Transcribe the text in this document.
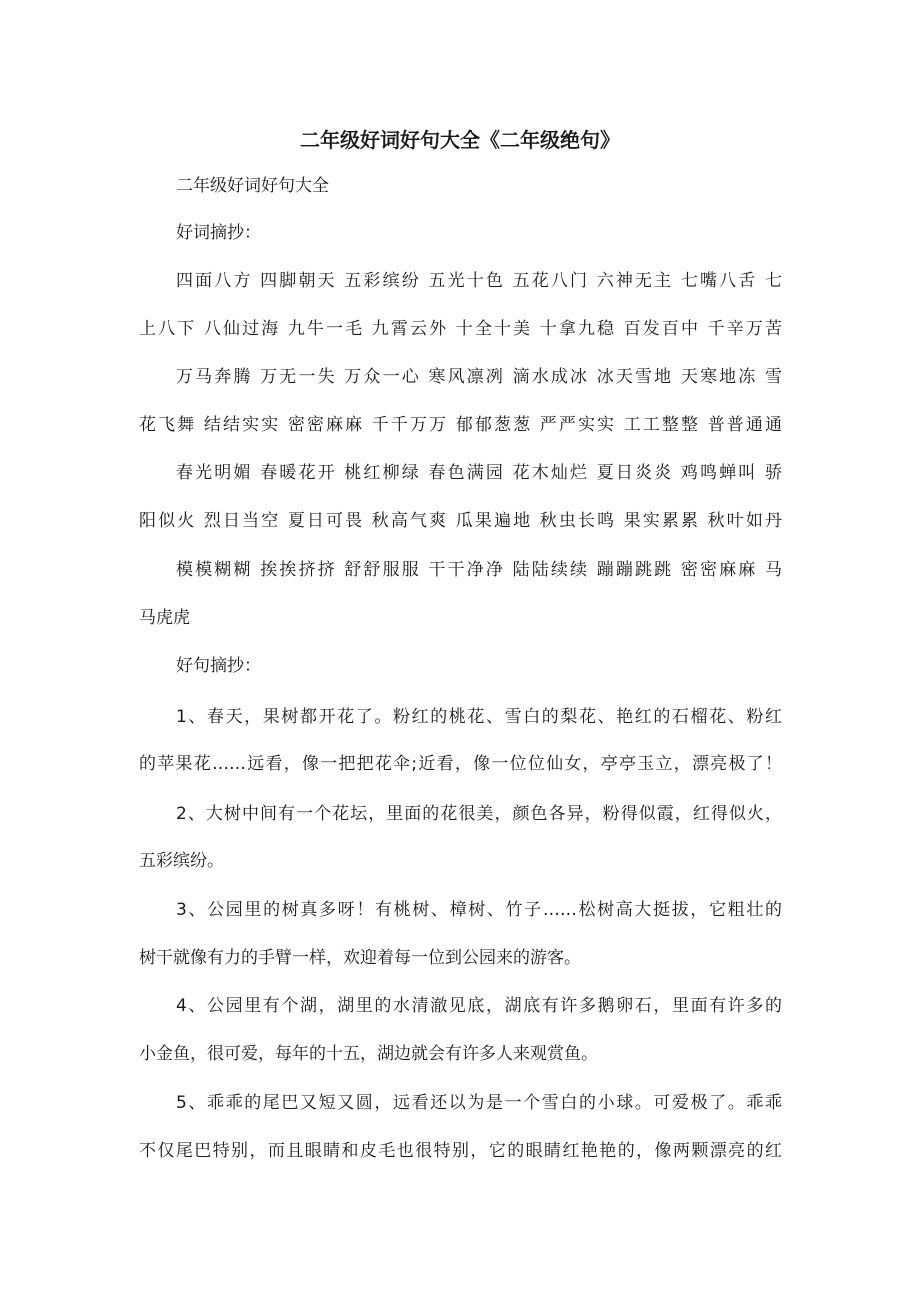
二年级好词好句大全《二年级绝句》
二年级好词好句大全
好词摘抄：
四面八方 四脚朝天 五彩缤纷 五光十色 五花八门 六神无主 七嘴八舌 七
上八下 八仙过海 九牛一毛 九霄云外 十全十美 十拿九稳 百发百中 千辛万苦
万马奔腾 万无一失 万众一心 寒风凛冽 滴水成冰 冰天雪地 天寒地冻 雪
花飞舞 结结实实 密密麻麻 千千万万 郁郁葱葱 严严实实 工工整整 普普通通
春光明媚 春暖花开 桃红柳绿 春色满园 花木灿烂 夏日炎炎 鸡鸣蝉叫 骄
阳似火 烈日当空 夏日可畏 秋高气爽 瓜果遍地 秋虫长鸣 果实累累 秋叶如丹
模模糊糊 挨挨挤挤 舒舒服服 干干净净 陆陆续续 蹦蹦跳跳 密密麻麻 马
马虎虎
好句摘抄：
1、春天，果树都开花了。粉红的桃花、雪白的梨花、艳红的石榴花、粉红
的苹果花……远看，像一把把花伞;近看，像一位位仙女，亭亭玉立，漂亮极了！
2、大树中间有一个花坛，里面的花很美，颜色各异，粉得似霞，红得似火，
五彩缤纷。
3、公园里的树真多呀！有桃树、樟树、竹子……松树高大挺拔，它粗壮的
树干就像有力的手臂一样，欢迎着每一位到公园来的游客。
4、公园里有个湖，湖里的水清澈见底，湖底有许多鹅卵石，里面有许多的
小金鱼，很可爱，每年的十五，湖边就会有许多人来观赏鱼。
5、乖乖的尾巴又短又圆，远看还以为是一个雪白的小球。可爱极了。乖乖
不仅尾巴特别，而且眼睛和皮毛也很特别，它的眼睛红艳艳的，像两颗漂亮的红
